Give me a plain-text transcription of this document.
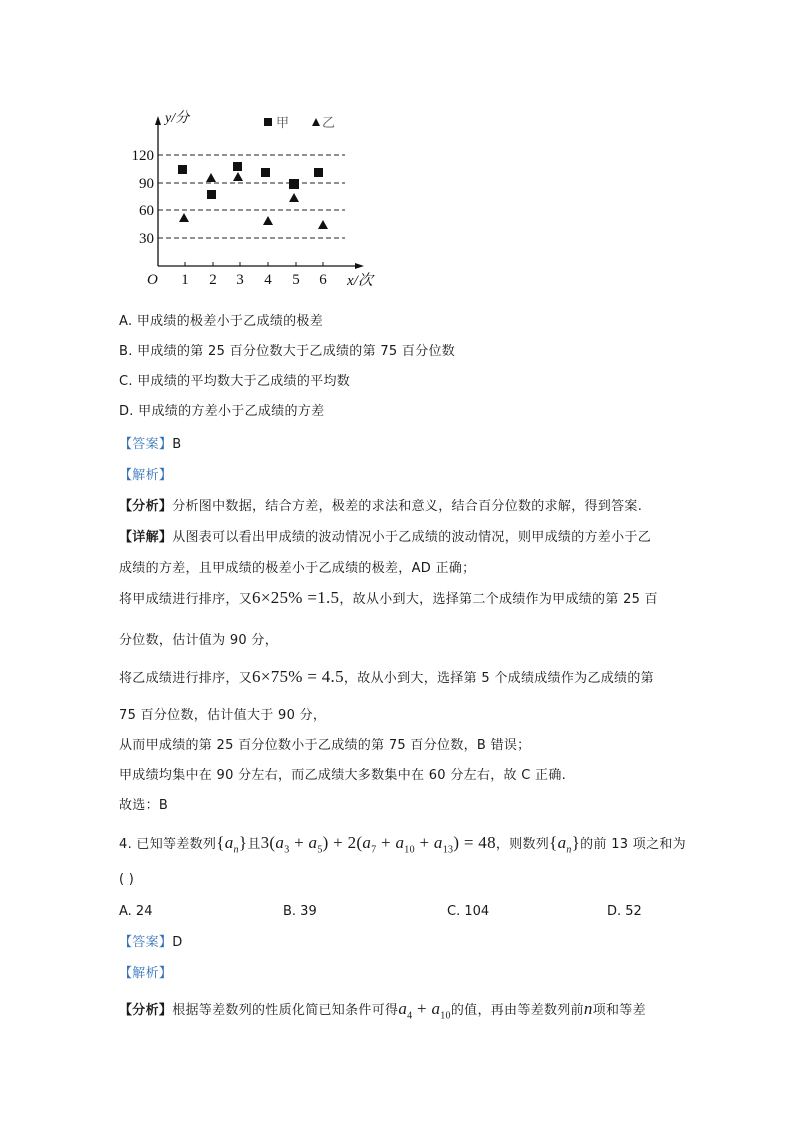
120
90
60
30
1 2 3 4 5 6
O	x/次
y/分	甲	乙
A. 甲成绩的极差小于乙成绩的极差
B. 甲成绩的第 25 百分位数大于乙成绩的第 75 百分位数
C. 甲成绩的平均数大于乙成绩的平均数
D. 甲成绩的方差小于乙成绩的方差
【答案】B
【解析】
【分析】分析图中数据，结合方差，极差的求法和意义，结合百分位数的求解，得到答案.
【详解】从图表可以看出甲成绩的波动情况小于乙成绩的波动情况，则甲成绩的方差小于乙
成绩的方差，且甲成绩的极差小于乙成绩的极差，AD 正确；
将甲成绩进行排序，又6×25% =1.5，故从小到大，选择第二个成绩作为甲成绩的第 25 百
分位数，估计值为 90 分，
将乙成绩进行排序，又6×75% = 4.5，故从小到大，选择第 5 个成绩成绩作为乙成绩的第
75 百分位数，估计值大于 90 分，
从而甲成绩的第 25 百分位数小于乙成绩的第 75 百分位数，B 错误；
甲成绩均集中在 90 分左右，而乙成绩大多数集中在 60 分左右，故 C 正确.
故选：B
4. 已知等差数列$\{a_n\}$且$3(a_3 + a_5) + 2(a_7 + a_{10} + a_{13}) = 48$，则数列$\{a_n\}$的前 13 项之和为
( )
A. 24	B. 39	C. 104	D. 52
【答案】D
【解析】
【分析】根据等差数列的性质化简已知条件可得$a_4 + a_{10}$的值，再由等差数列前n项和等差
